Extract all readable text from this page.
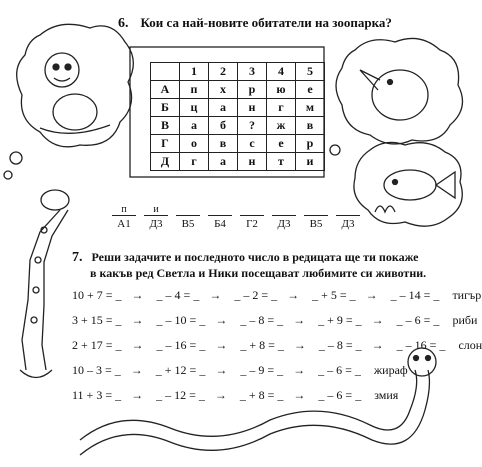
6. Кои са най-новите обитатели на зоопарка?
	1	2	3	4	5
А	п	х	р	ю	е
Б	ц	а	н	г	м
В	а	б	?	ж	в
Г	о	в	с	е	р
Д	г	а	н	т	и
п
А1
и
Д3	В5	Б4	Г2	Д3	В5	Д3
7. Реши задачите и последното число в редицата ще ти покаже
в какъв ред Светла и Ники посещават любимите си животни.
10 + 7 = _ → _ – 4 = _ → _ – 2 = _ → _ + 5 = _ → _ – 14 = _ тигър
3 + 15 = _ → _ – 10 = _ → _ – 8 = _ → _ + 9 = _ → _ – 6 = _ риби
2 + 17 = _ → _ – 16 = _ → _ + 8 = _ → _ – 8 = _ → _ – 16 = _ слон
10 – 3 = _ → _ + 12 = _ → _ – 9 = _ → _ – 6 = _ жираф
11 + 3 = _ → _ – 12 = _ → _ + 8 = _ → _ – 6 = _ змия
